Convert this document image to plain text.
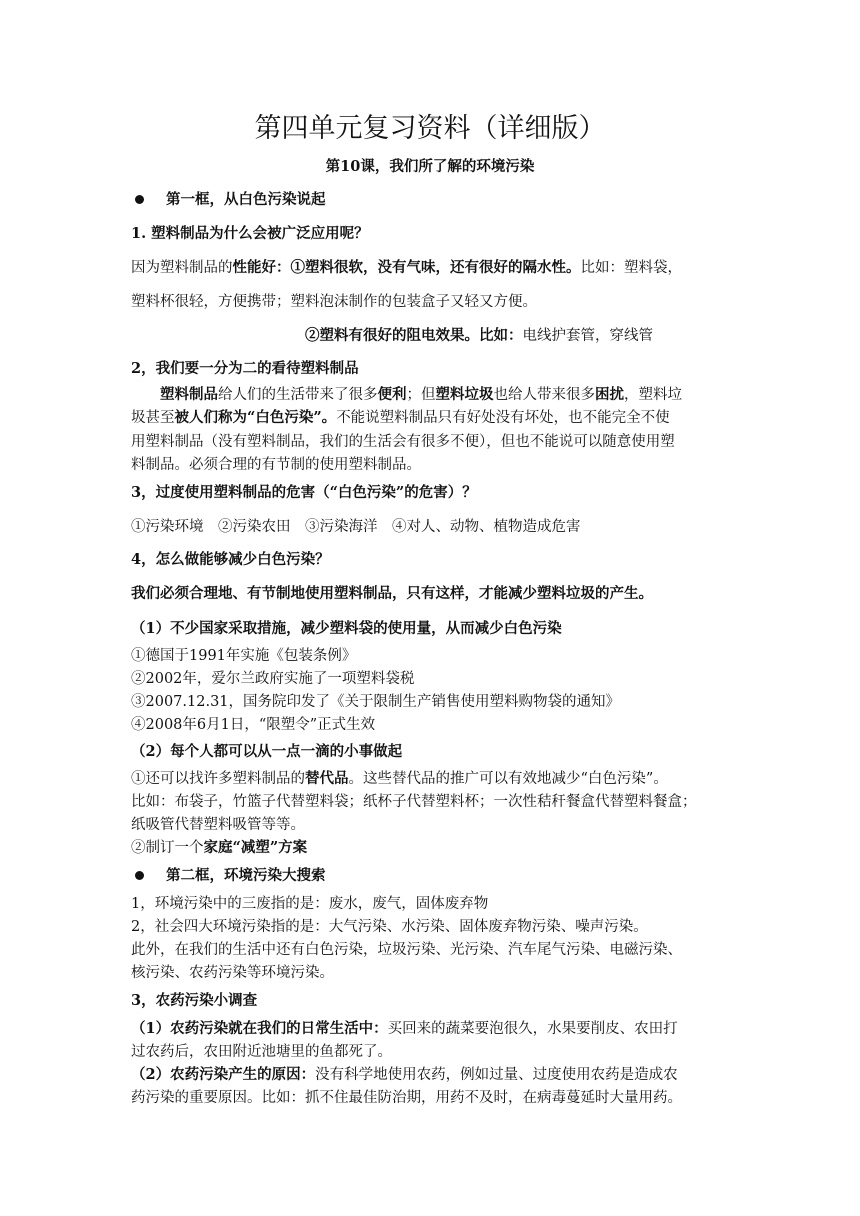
第四单元复习资料（详细版）
第10课，我们所了解的环境污染
第一框，从白色污染说起
1. 塑料制品为什么会被广泛应用呢？
因为塑料制品的性能好：①塑料很软，没有气味，还有很好的隔水性。比如：塑料袋，
塑料杯很轻，方便携带；塑料泡沫制作的包装盒子又轻又方便。
②塑料有很好的阻电效果。比如：电线护套管，穿线管
2，我们要一分为二的看待塑料制品
塑料制品给人们的生活带来了很多便利；但塑料垃圾也给人带来很多困扰，塑料垃
圾甚至被人们称为“白色污染”。不能说塑料制品只有好处没有坏处，也不能完全不使
用塑料制品（没有塑料制品，我们的生活会有很多不便），但也不能说可以随意使用塑
料制品。必须合理的有节制的使用塑料制品。
3，过度使用塑料制品的危害（“白色污染”的危害）？
①污染环境　②污染农田　③污染海洋　④对人、动物、植物造成危害
4，怎么做能够减少白色污染？
我们必须合理地、有节制地使用塑料制品，只有这样，才能减少塑料垃圾的产生。
（1）不少国家采取措施，减少塑料袋的使用量，从而减少白色污染
①德国于1991年实施《包装条例》
②2002年，爱尔兰政府实施了一项塑料袋税
③2007.12.31，国务院印发了《关于限制生产销售使用塑料购物袋的通知》
④2008年6月1日，“限塑令”正式生效
（2）每个人都可以从一点一滴的小事做起
①还可以找许多塑料制品的替代品。这些替代品的推广可以有效地减少“白色污染”。
比如：布袋子，竹篮子代替塑料袋；纸杯子代替塑料杯；一次性秸秆餐盒代替塑料餐盒；
纸吸管代替塑料吸管等等。
②制订一个家庭“减塑”方案
第二框，环境污染大搜索
1，环境污染中的三废指的是：废水，废气，固体废弃物
2，社会四大环境污染指的是：大气污染、水污染、固体废弃物污染、噪声污染。
此外，在我们的生活中还有白色污染，垃圾污染、光污染、汽车尾气污染、电磁污染、
核污染、农药污染等环境污染。
3，农药污染小调查
（1）农药污染就在我们的日常生活中：买回来的蔬菜要泡很久，水果要削皮、农田打
过农药后，农田附近池塘里的鱼都死了。
（2）农药污染产生的原因：没有科学地使用农药，例如过量、过度使用农药是造成农
药污染的重要原因。比如：抓不住最佳防治期，用药不及时，在病毒蔓延时大量用药。
